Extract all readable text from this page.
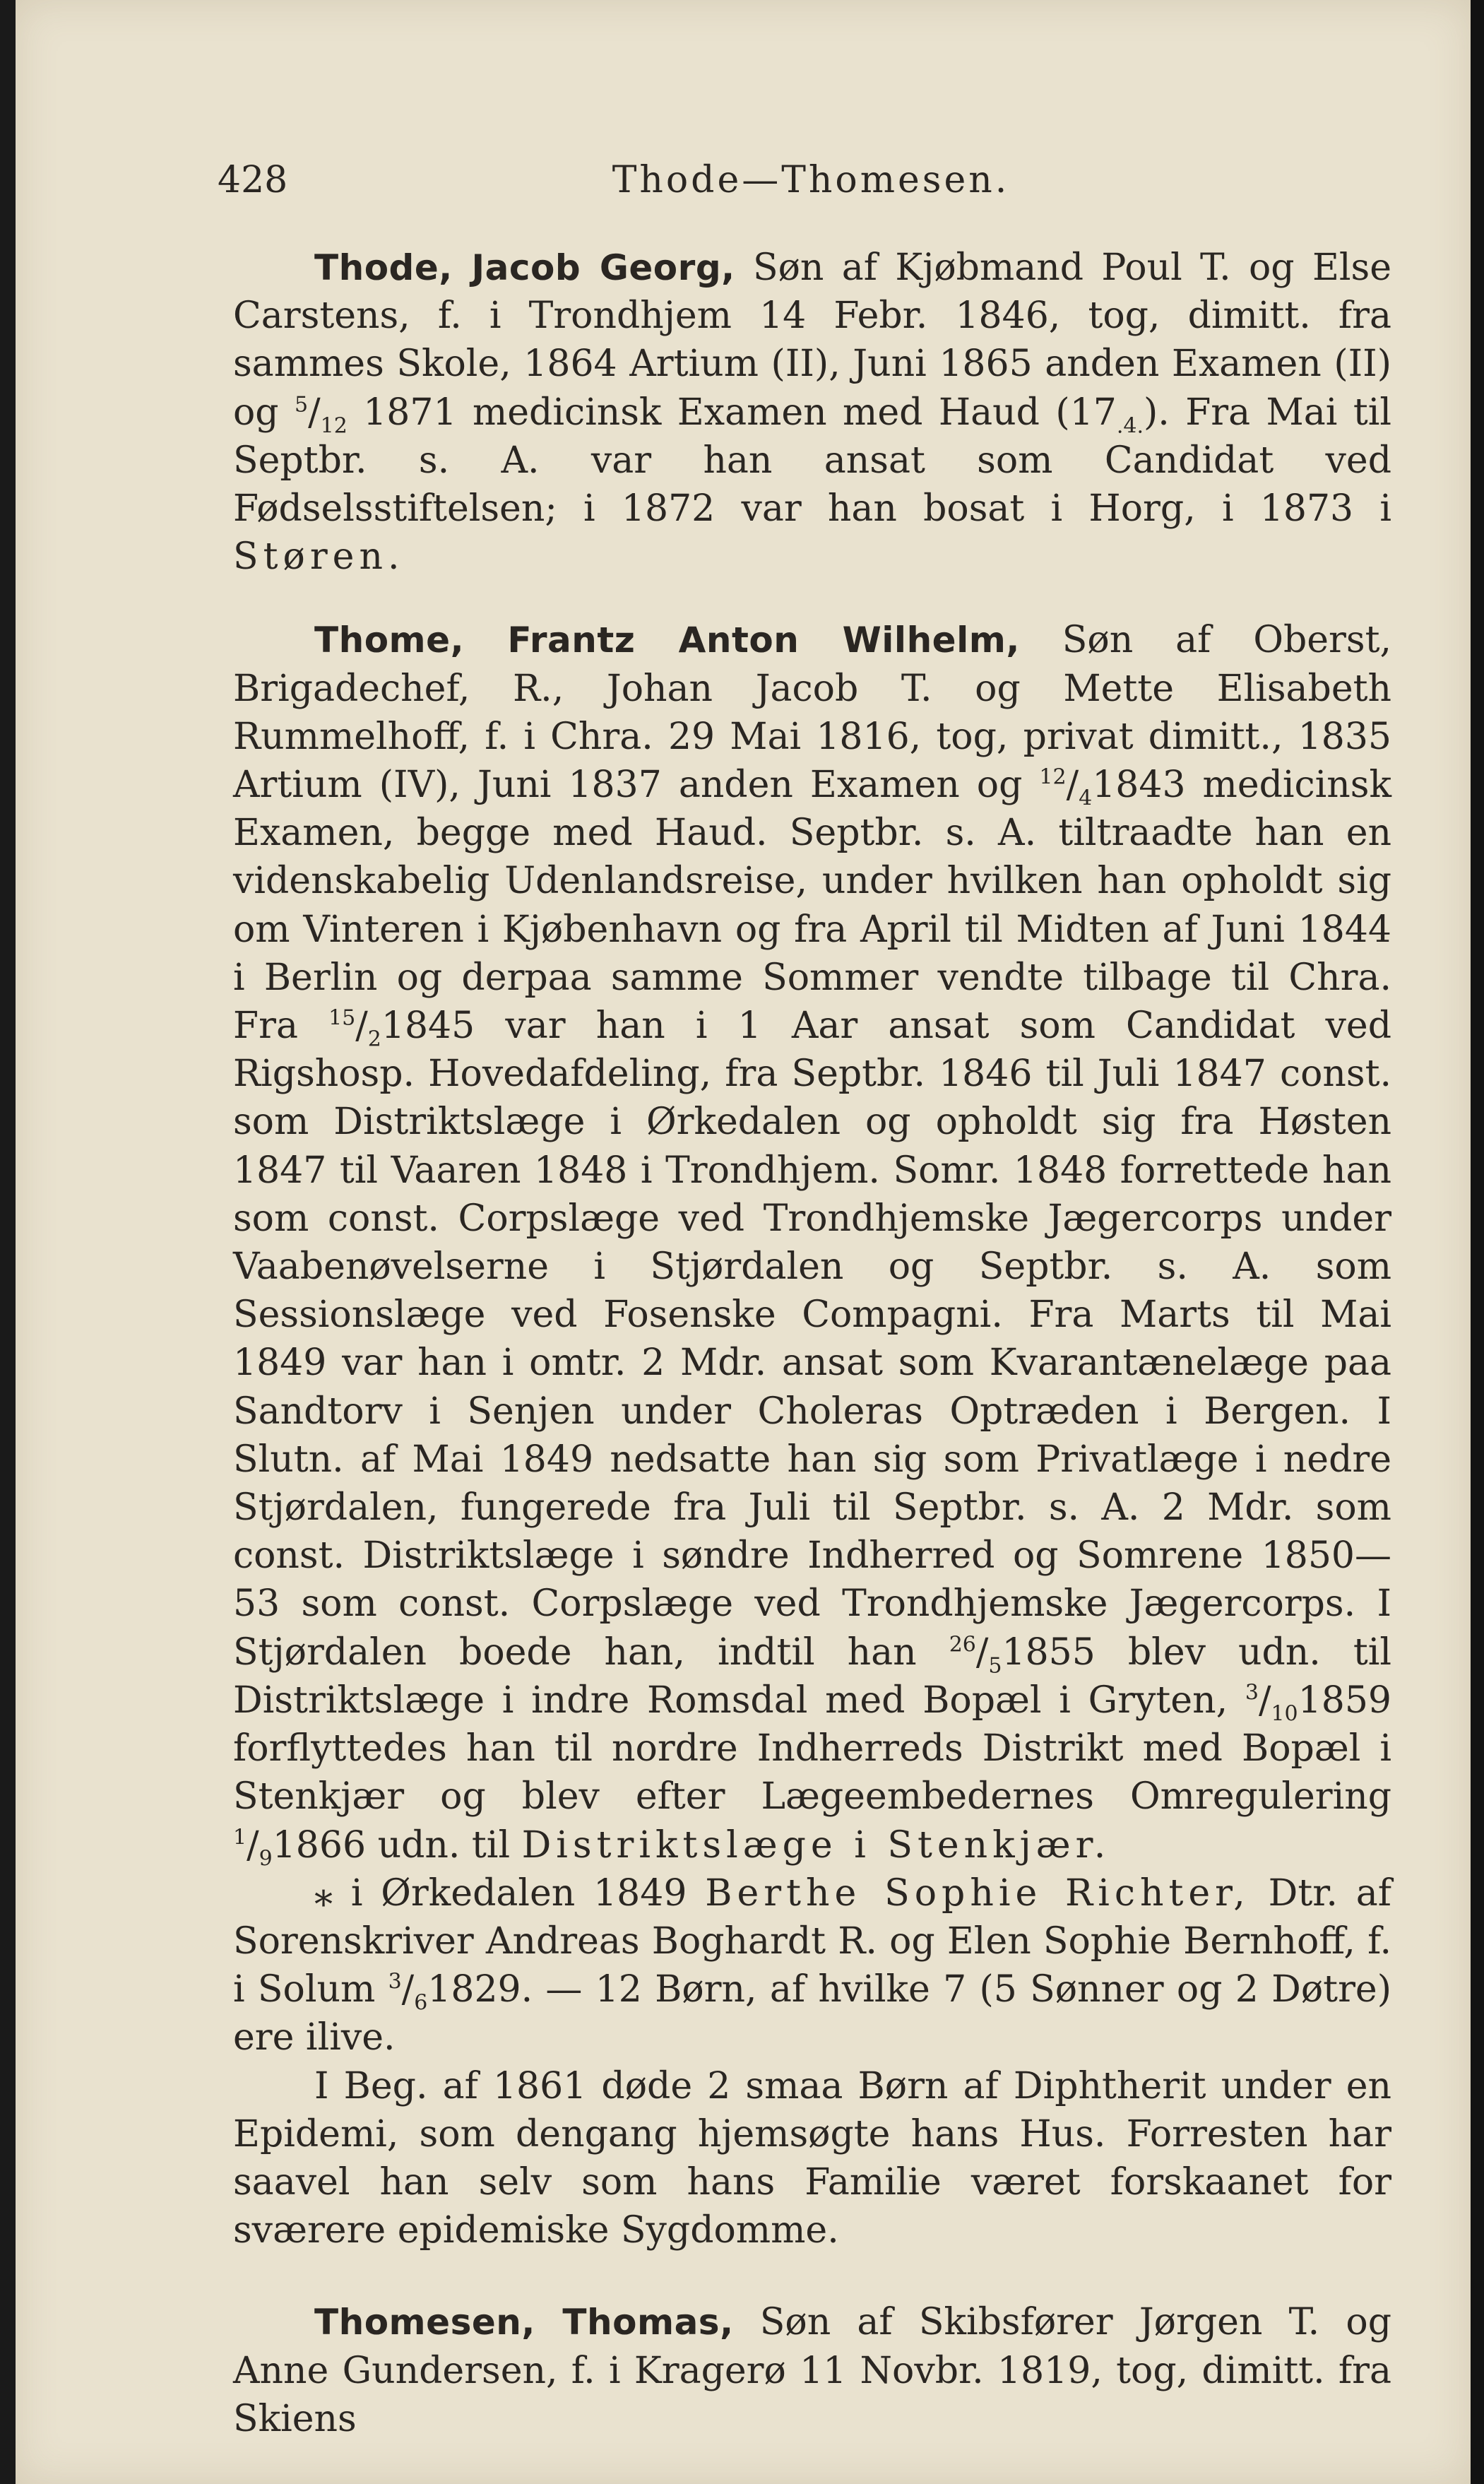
428	Thode—Thomesen.

Thode, Jacob Georg, Søn af Kjøbmand Poul T. og Else Carstens, f. i Trondhjem 14 Febr. 1846, tog, dimitt. fra sammes Skole, 1864 Artium (II), Juni 1865 anden Examen (II) og $^5/_{12}$ 1871 medicinsk Examen med Haud $(17_{.4.})$. Fra Mai til Septbr. s. A. var han ansat som Candidat ved Fødselsstiftelsen; i 1872 var han bosat i Horg, i 1873 i Støren.

Thome, Frantz Anton Wilhelm, Søn af Oberst, Brigadechef, R., Johan Jacob T. og Mette Elisabeth Rummelhoff, f. i Chra. 29 Mai 1816, tog, privat dimitt., 1835 Artium (IV), Juni 1837 anden Examen og $^{12}/_41843$ medicinsk Examen, begge med Haud. Septbr. s. A. tiltraadte han en videnskabelig Udenlandsreise, under hvilken han opholdt sig om Vinteren i Kjøbenhavn og fra April til Midten af Juni 1844 i Berlin og derpaa samme Sommer vendte tilbage til Chra. Fra $^{15}/_21845$ var han i 1 Aar ansat som Candidat ved Rigshosp. Hovedafdeling, fra Septbr. 1846 til Juli 1847 const. som Distriktslæge i Ørkedalen og opholdt sig fra Høsten 1847 til Vaaren 1848 i Trondhjem. Somr. 1848 forrettede han som const. Corpslæge ved Trondhjemske Jægercorps under Vaabenøvelserne i Stjørdalen og Septbr. s. A. som Sessionslæge ved Fosenske Compagni. Fra Marts til Mai 1849 var han i omtr. 2 Mdr. ansat som Kvarantænelæge paa Sandtorv i Senjen under Choleras Optræden i Bergen. I Slutn. af Mai 1849 nedsatte han sig som Privatlæge i nedre Stjørdalen, fungerede fra Juli til Septbr. s. A. 2 Mdr. som const. Distriktslæge i søndre Indherred og Somrene 1850—53 som const. Corpslæge ved Trondhjemske Jægercorps. I Stjørdalen boede han, indtil han $^{26}/_51855$ blev udn. til Distriktslæge i indre Romsdal med Bopæl i Gryten, $^3/_{10}1859$ forflyttedes han til nordre Indherreds Distrikt med Bopæl i Stenkjær og blev efter Lægeembedernes Omregulering $^1/_91866$ udn. til Distriktslæge i Stenkjær.

⁎ i Ørkedalen 1849 Berthe Sophie Richter, Dtr. af Sorenskriver Andreas Boghardt R. og Elen Sophie Bernhoff, f. i Solum $^3/_61829$. — 12 Børn, af hvilke 7 (5 Sønner og 2 Døtre) ere ilive.

I Beg. af 1861 døde 2 smaa Børn af Diphtherit under en Epidemi, som dengang hjemsøgte hans Hus. Forresten har saavel han selv som hans Familie været forskaanet for sværere epidemiske Sygdomme.

Thomesen, Thomas, Søn af Skibsfører Jørgen T. og Anne Gundersen, f. i Kragerø 11 Novbr. 1819, tog, dimitt. fra Skiens
